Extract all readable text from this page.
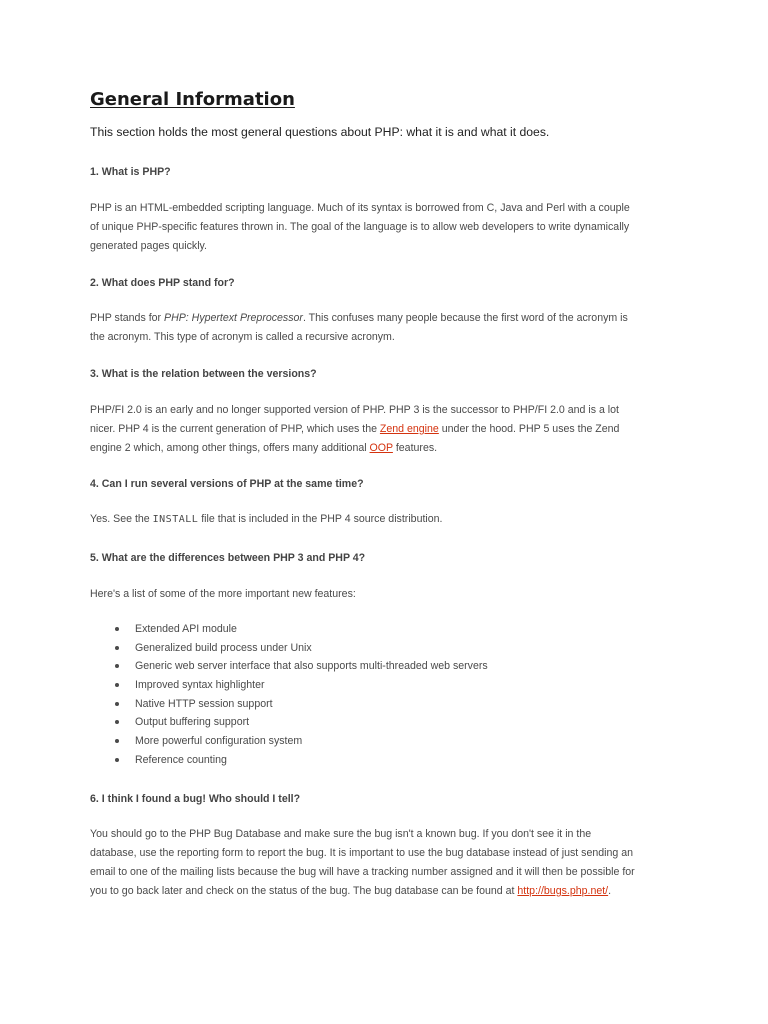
General Information

This section holds the most general questions about PHP: what it is and what it does.

1. What is PHP?

PHP is an HTML-embedded scripting language. Much of its syntax is borrowed from C, Java and Perl with a couple
of unique PHP-specific features thrown in. The goal of the language is to allow web developers to write dynamically
generated pages quickly.

2. What does PHP stand for?

PHP stands for PHP: Hypertext Preprocessor. This confuses many people because the first word of the acronym is
the acronym. This type of acronym is called a recursive acronym.

3. What is the relation between the versions?

PHP/FI 2.0 is an early and no longer supported version of PHP. PHP 3 is the successor to PHP/FI 2.0 and is a lot
nicer. PHP 4 is the current generation of PHP, which uses the Zend engine under the hood. PHP 5 uses the Zend
engine 2 which, among other things, offers many additional OOP features.

4. Can I run several versions of PHP at the same time?

Yes. See the INSTALL file that is included in the PHP 4 source distribution.

5. What are the differences between PHP 3 and PHP 4?

Here's a list of some of the more important new features:
Extended API module
Generalized build process under Unix
Generic web server interface that also supports multi-threaded web servers
Improved syntax highlighter
Native HTTP session support
Output buffering support
More powerful configuration system
Reference counting

6. I think I found a bug! Who should I tell?

You should go to the PHP Bug Database and make sure the bug isn't a known bug. If you don't see it in the
database, use the reporting form to report the bug. It is important to use the bug database instead of just sending an
email to one of the mailing lists because the bug will have a tracking number assigned and it will then be possible for
you to go back later and check on the status of the bug. The bug database can be found at http://bugs.php.net/.
